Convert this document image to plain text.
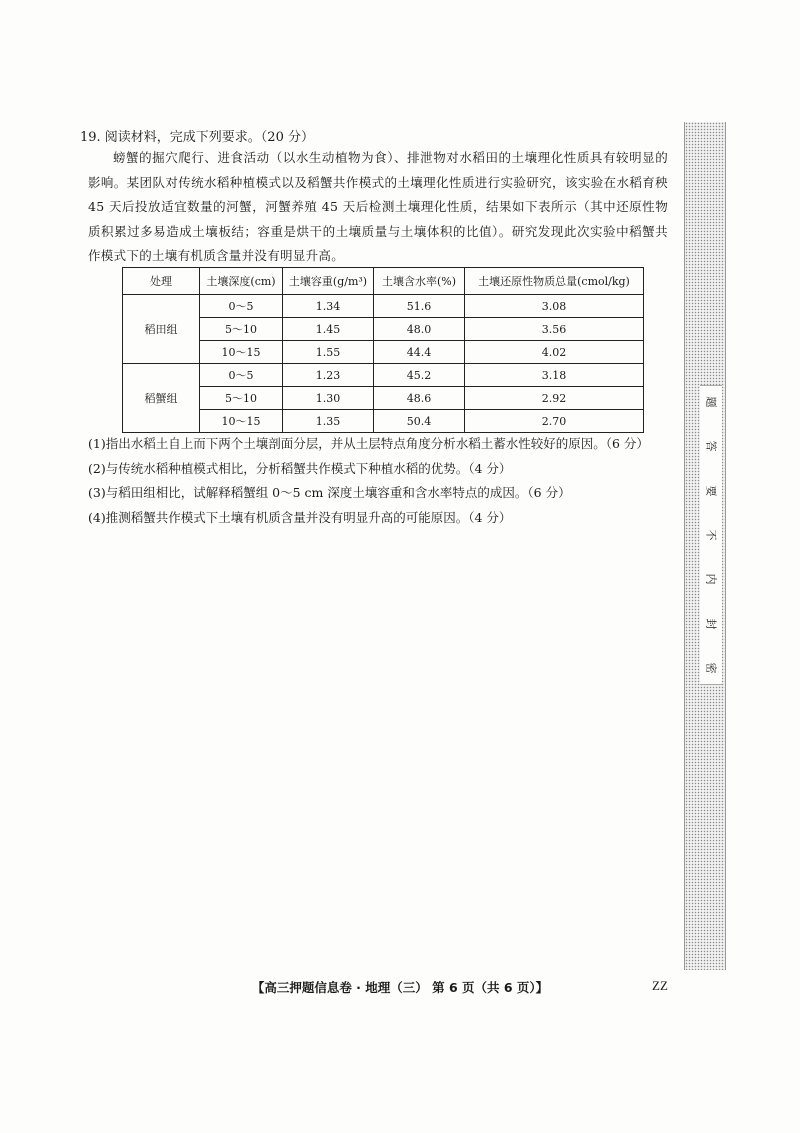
19. 阅读材料，完成下列要求。（20 分）
螃蟹的掘穴爬行、进食活动（以水生动植物为食）、排泄物对水稻田的土壤理化性质具有较明显的影响。某团队对传统水稻种植模式以及稻蟹共作模式的土壤理化性质进行实验研究，该实验在水稻育秧 45 天后投放适宜数量的河蟹，河蟹养殖 45 天后检测土壤理化性质，结果如下表所示（其中还原性物质积累过多易造成土壤板结；容重是烘干的土壤质量与土壤体积的比值）。研究发现此次实验中稻蟹共作模式下的土壤有机质含量并没有明显升高。
处理	土壤深度(cm)	土壤容重(g/m³)	土壤含水率(%)	土壤还原性物质总量(cmol/kg)
稻田组	0～5	1.34	51.6	3.08
	5～10	1.45	48.0	3.56
	10～15	1.55	44.4	4.02
稻蟹组	0～5	1.23	45.2	3.18
	5～10	1.30	48.6	2.92
	10～15	1.35	50.4	2.70
(1)指出水稻土自上而下两个土壤剖面分层，并从土层特点角度分析水稻土蓄水性较好的原因。（6 分）
(2)与传统水稻种植模式相比，分析稻蟹共作模式下种植水稻的优势。（4 分）
(3)与稻田组相比，试解释稻蟹组 0～5 cm 深度土壤容重和含水率特点的成因。（6 分）
(4)推测稻蟹共作模式下土壤有机质含量并没有明显升高的可能原因。（4 分）
题
答
要
不
内
封
密
【高三押题信息卷 · 地理（三） 第 6 页（共 6 页）】	ZZ
